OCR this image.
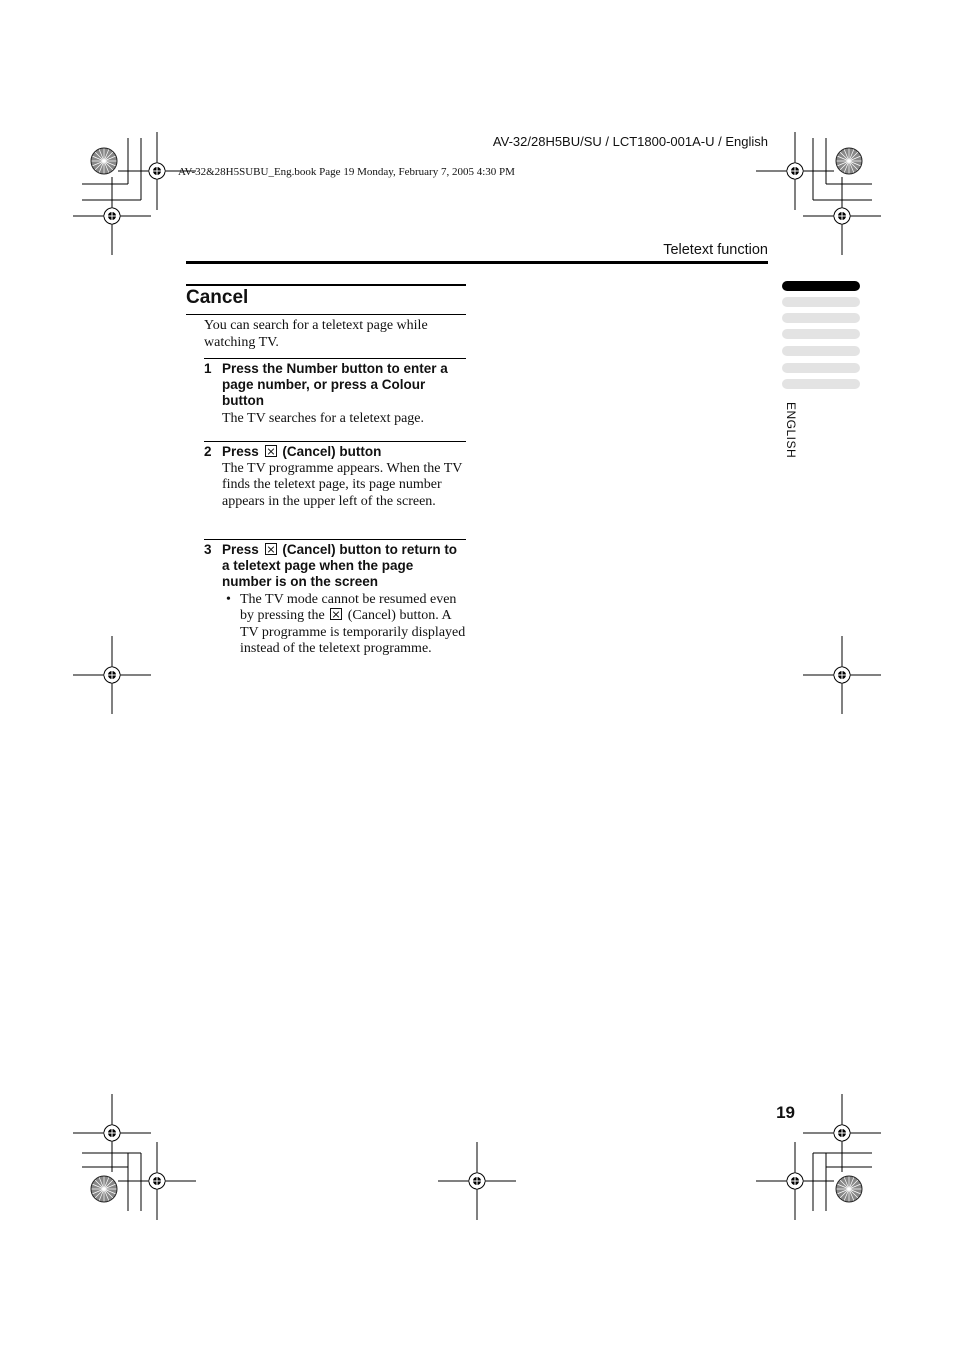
AV-32/28H5BU/SU / LCT1800-001A-U / English
AV-32&28H5SUBU_Eng.book Page 19 Monday, February 7, 2005 4:30 PM
Teletext function
Cancel
You can search for a teletext page while watching TV.
1 Press the Number button to enter a page number, or press a Colour button
The TV searches for a teletext page.
2 Press (Cancel) button
The TV programme appears. When the TV finds the teletext page, its page number appears in the upper left of the screen.
3 Press (Cancel) button to return to a teletext page when the page number is on the screen
• The TV mode cannot be resumed even by pressing the (Cancel) button. A TV programme is temporarily displayed instead of the teletext programme.
ENGLISH
19
